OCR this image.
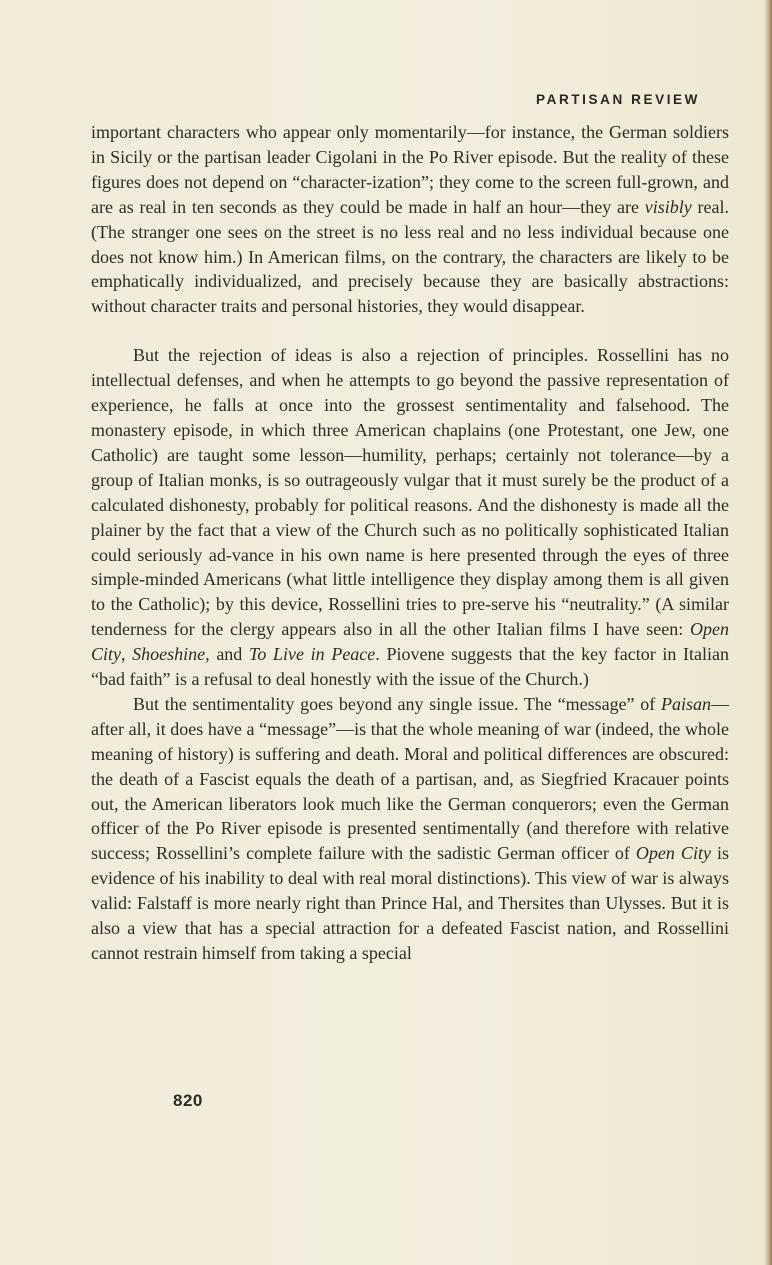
PARTISAN REVIEW

important characters who appear only momentarily—for instance, the German soldiers in Sicily or the partisan leader Cigolani in the Po River episode. But the reality of these figures does not depend on “character-ization”; they come to the screen full-grown, and are as real in ten seconds as they could be made in half an hour—they are visibly real. (The stranger one sees on the street is no less real and no less individual because one does not know him.) In American films, on the contrary, the characters are likely to be emphatically individualized, and precisely because they are basically abstractions: without character traits and personal histories, they would disappear.

But the rejection of ideas is also a rejection of principles. Rossellini has no intellectual defenses, and when he attempts to go beyond the passive representation of experience, he falls at once into the grossest sentimentality and falsehood. The monastery episode, in which three American chaplains (one Protestant, one Jew, one Catholic) are taught some lesson—humility, perhaps; certainly not tolerance—by a group of Italian monks, is so outrageously vulgar that it must surely be the product of a calculated dishonesty, probably for political reasons. And the dishonesty is made all the plainer by the fact that a view of the Church such as no politically sophisticated Italian could seriously ad-vance in his own name is here presented through the eyes of three simple-minded Americans (what little intelligence they display among them is all given to the Catholic); by this device, Rossellini tries to pre-serve his “neutrality.” (A similar tenderness for the clergy appears also in all the other Italian films I have seen: Open City, Shoeshine, and To Live in Peace. Piovene suggests that the key factor in Italian “bad faith” is a refusal to deal honestly with the issue of the Church.)

But the sentimentality goes beyond any single issue. The “message” of Paisan—after all, it does have a “message”—is that the whole meaning of war (indeed, the whole meaning of history) is suffering and death. Moral and political differences are obscured: the death of a Fascist equals the death of a partisan, and, as Siegfried Kracauer points out, the American liberators look much like the German conquerors; even the German officer of the Po River episode is presented sentimentally (and therefore with relative success; Rossellini’s complete failure with the sadistic German officer of Open City is evidence of his inability to deal with real moral distinctions). This view of war is always valid: Falstaff is more nearly right than Prince Hal, and Thersites than Ulysses. But it is also a view that has a special attraction for a defeated Fascist nation, and Rossellini cannot restrain himself from taking a special

820
